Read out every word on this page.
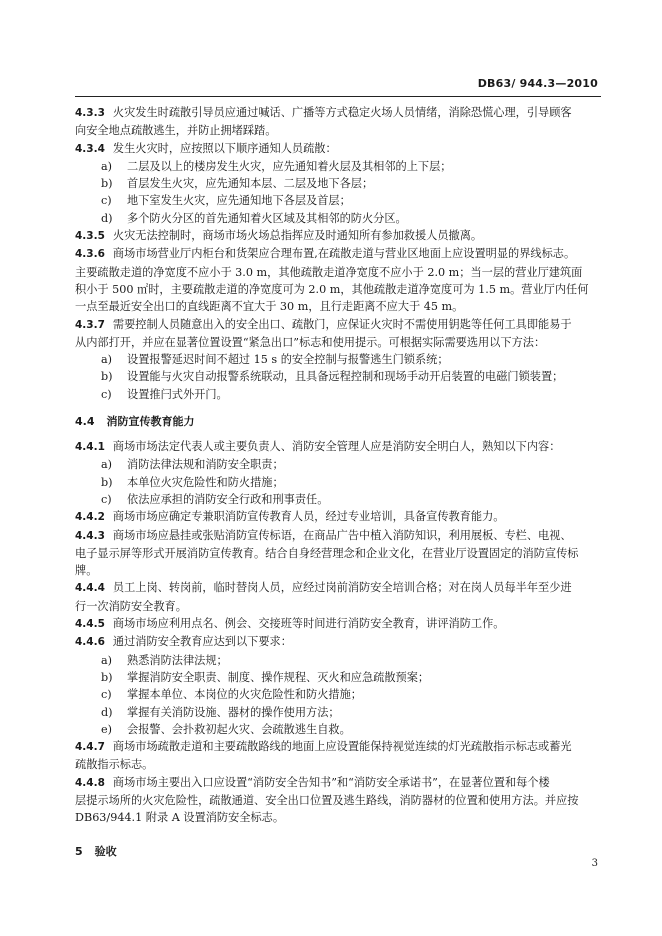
DB63/ 944.3—2010
4.3.3 火灾发生时疏散引导员应通过喊话、广播等方式稳定火场人员情绪，消除恐慌心理，引导顾客
向安全地点疏散逃生，并防止拥堵踩踏。
4.3.4 发生火灾时，应按照以下顺序通知人员疏散：
a) 二层及以上的楼房发生火灾，应先通知着火层及其相邻的上下层；
b) 首层发生火灾，应先通知本层、二层及地下各层；
c) 地下室发生火灾，应先通知地下各层及首层；
d) 多个防火分区的首先通知着火区域及其相邻的防火分区。
4.3.5 火灾无法控制时，商场市场火场总指挥应及时通知所有参加救援人员撤离。
4.3.6 商场市场营业厅内柜台和货架应合理布置,在疏散走道与营业区地面上应设置明显的界线标志。
主要疏散走道的净宽度不应小于 3.0 m，其他疏散走道净宽度不应小于 2.0 m；当一层的营业厅建筑面
积小于 500 ㎡时，主要疏散走道的净宽度可为 2.0 m，其他疏散走道净宽度可为 1.5 m。营业厅内任何
一点至最近安全出口的直线距离不宜大于 30 m，且行走距离不应大于 45 m。
4.3.7 需要控制人员随意出入的安全出口、疏散门，应保证火灾时不需使用钥匙等任何工具即能易于
从内部打开，并应在显著位置设置“紧急出口”标志和使用提示。可根据实际需要选用以下方法：
a) 设置报警延迟时间不超过 15 s 的安全控制与报警逃生门锁系统；
b) 设置能与火灾自动报警系统联动，且具备远程控制和现场手动开启装置的电磁门锁装置；
c) 设置推闩式外开门。
4.4 消防宣传教育能力
4.4.1 商场市场法定代表人或主要负责人、消防安全管理人应是消防安全明白人，熟知以下内容：
a) 消防法律法规和消防安全职责；
b) 本单位火灾危险性和防火措施；
c) 依法应承担的消防安全行政和刑事责任。
4.4.2 商场市场应确定专兼职消防宣传教育人员，经过专业培训，具备宣传教育能力。
4.4.3 商场市场应悬挂或张贴消防宣传标语，在商品广告中植入消防知识，利用展板、专栏、电视、
电子显示屏等形式开展消防宣传教育。结合自身经营理念和企业文化，在营业厅设置固定的消防宣传标
牌。
4.4.4 员工上岗、转岗前，临时替岗人员，应经过岗前消防安全培训合格；对在岗人员每半年至少进
行一次消防安全教育。
4.4.5 商场市场应利用点名、例会、交接班等时间进行消防安全教育，讲评消防工作。
4.4.6 通过消防安全教育应达到以下要求：
a) 熟悉消防法律法规；
b) 掌握消防安全职责、制度、操作规程、灭火和应急疏散预案；
c) 掌握本单位、本岗位的火灾危险性和防火措施；
d) 掌握有关消防设施、器材的操作使用方法；
e) 会报警、会扑救初起火灾、会疏散逃生自救。
4.4.7 商场市场疏散走道和主要疏散路线的地面上应设置能保持视觉连续的灯光疏散指示标志或蓄光
疏散指示标志。
4.4.8 商场市场主要出入口应设置“消防安全告知书”和“消防安全承诺书”，在显著位置和每个楼
层提示场所的火灾危险性，疏散通道、安全出口位置及逃生路线，消防器材的位置和使用方法。并应按
DB63/944.1 附录 A 设置消防安全标志。
5 验收
3
